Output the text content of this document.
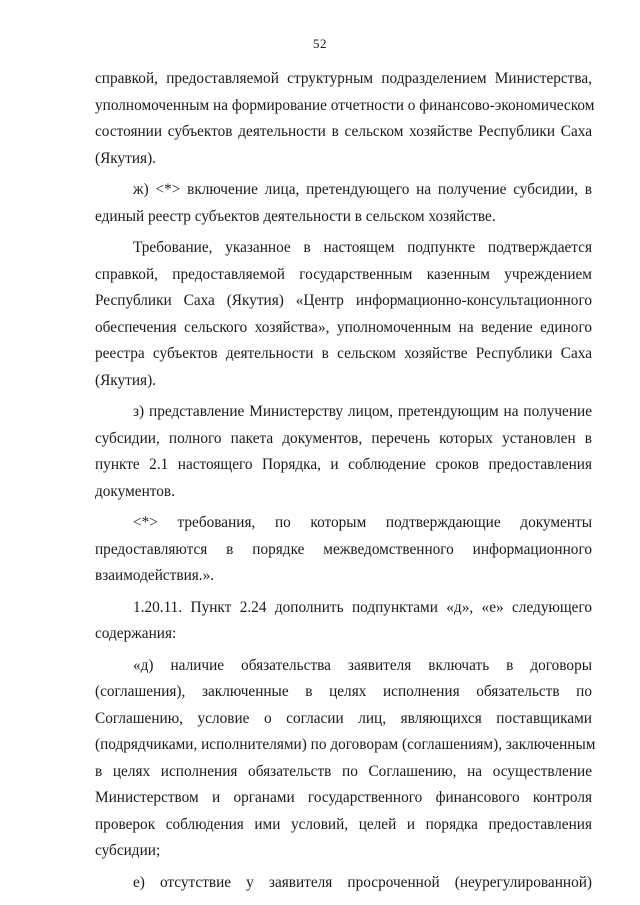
52

справкой, предоставляемой структурным подразделением Министерства,
уполномоченным на формирование отчетности о финансово-экономическом
состоянии субъектов деятельности в сельском хозяйстве Республики Саха
(Якутия).

ж) <*> включение лица, претендующего на получение субсидии, в
единый реестр субъектов деятельности в сельском хозяйстве.

Требование, указанное в настоящем подпункте подтверждается
справкой, предоставляемой государственным казенным учреждением
Республики Саха (Якутия) «Центр информационно-консультационного
обеспечения сельского хозяйства», уполномоченным на ведение единого
реестра субъектов деятельности в сельском хозяйстве Республики Саха
(Якутия).

з) представление Министерству лицом, претендующим на получение
субсидии, полного пакета документов, перечень которых установлен в
пункте 2.1 настоящего Порядка, и соблюдение сроков предоставления
документов.

<*> требования, по которым подтверждающие документы
предоставляются в порядке межведомственного информационного
взаимодействия.».

1.20.11. Пункт 2.24 дополнить подпунктами «д», «е» следующего
содержания:

«д) наличие обязательства заявителя включать в договоры
(соглашения), заключенные в целях исполнения обязательств по
Соглашению, условие о согласии лиц, являющихся поставщиками
(подрядчиками, исполнителями) по договорам (соглашениям), заключенным
в целях исполнения обязательств по Соглашению, на осуществление
Министерством и органами государственного финансового контроля
проверок соблюдения ими условий, целей и порядка предоставления
субсидии;

е) отсутствие у заявителя просроченной (неурегулированной)
